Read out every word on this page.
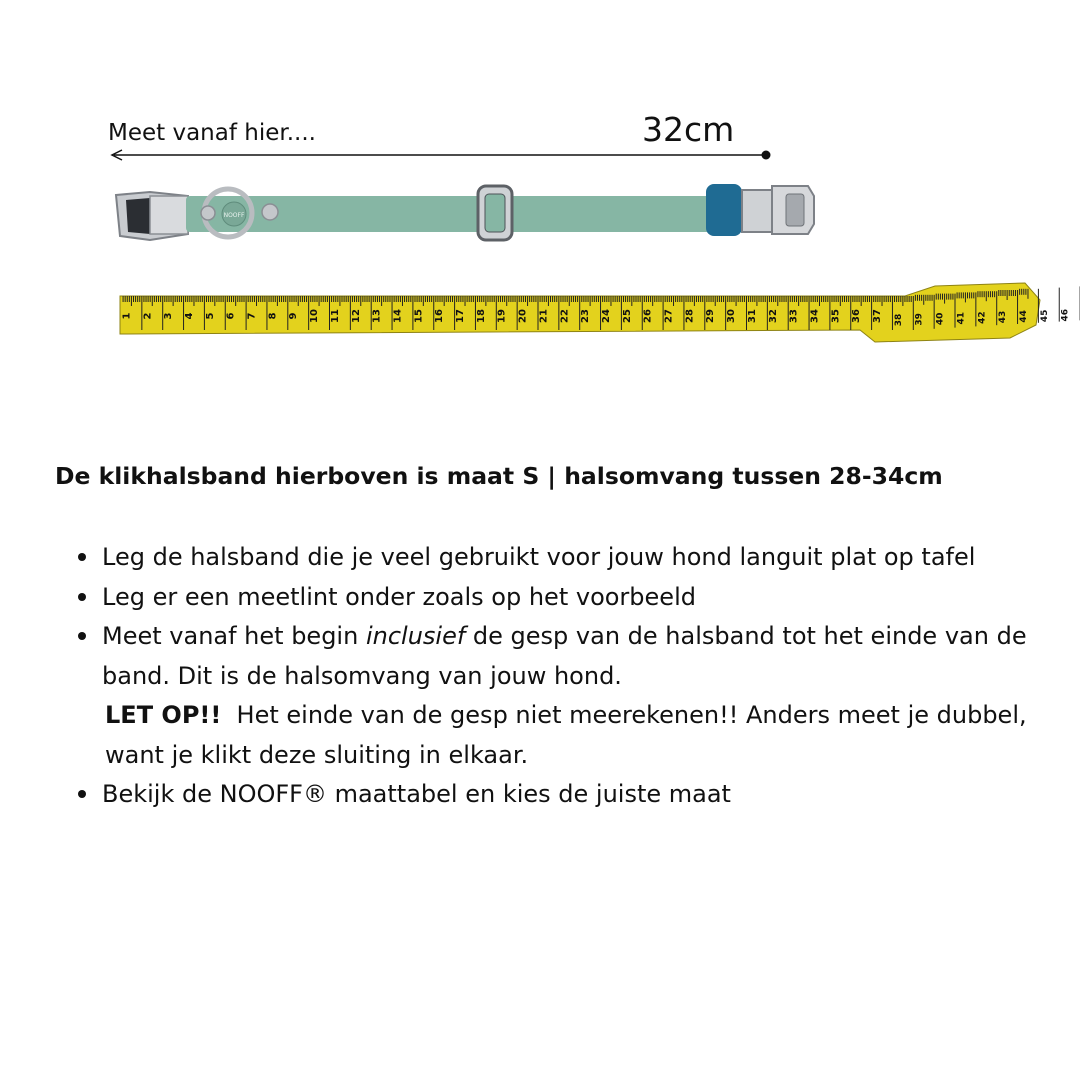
Meet vanaf hier....	32cm
NOOFF
1 2 3 4 5 6 7 8 9 10 11 12 13 14 15 16 17 18 19 20 21 22 23 24 25 26 27 28 29 30 31 32 33 34 35 36 37 38 39 40 41 42 43 44 45 46
De klikhalsband hierboven is maat S | halsomvang tussen 28-34cm
Leg de halsband die je veel gebruikt voor jouw hond languit plat op tafel
Leg er een meetlint onder zoals op het voorbeeld
Meet vanaf het begin inclusief de gesp van de halsband tot het einde van de band. Dit is de halsomvang van jouw hond.
LET OP!!  Het einde van de gesp niet meerekenen!! Anders meet je dubbel, want je klikt deze sluiting in elkaar.
Bekijk de NOOFF® maattabel en kies de juiste maat
